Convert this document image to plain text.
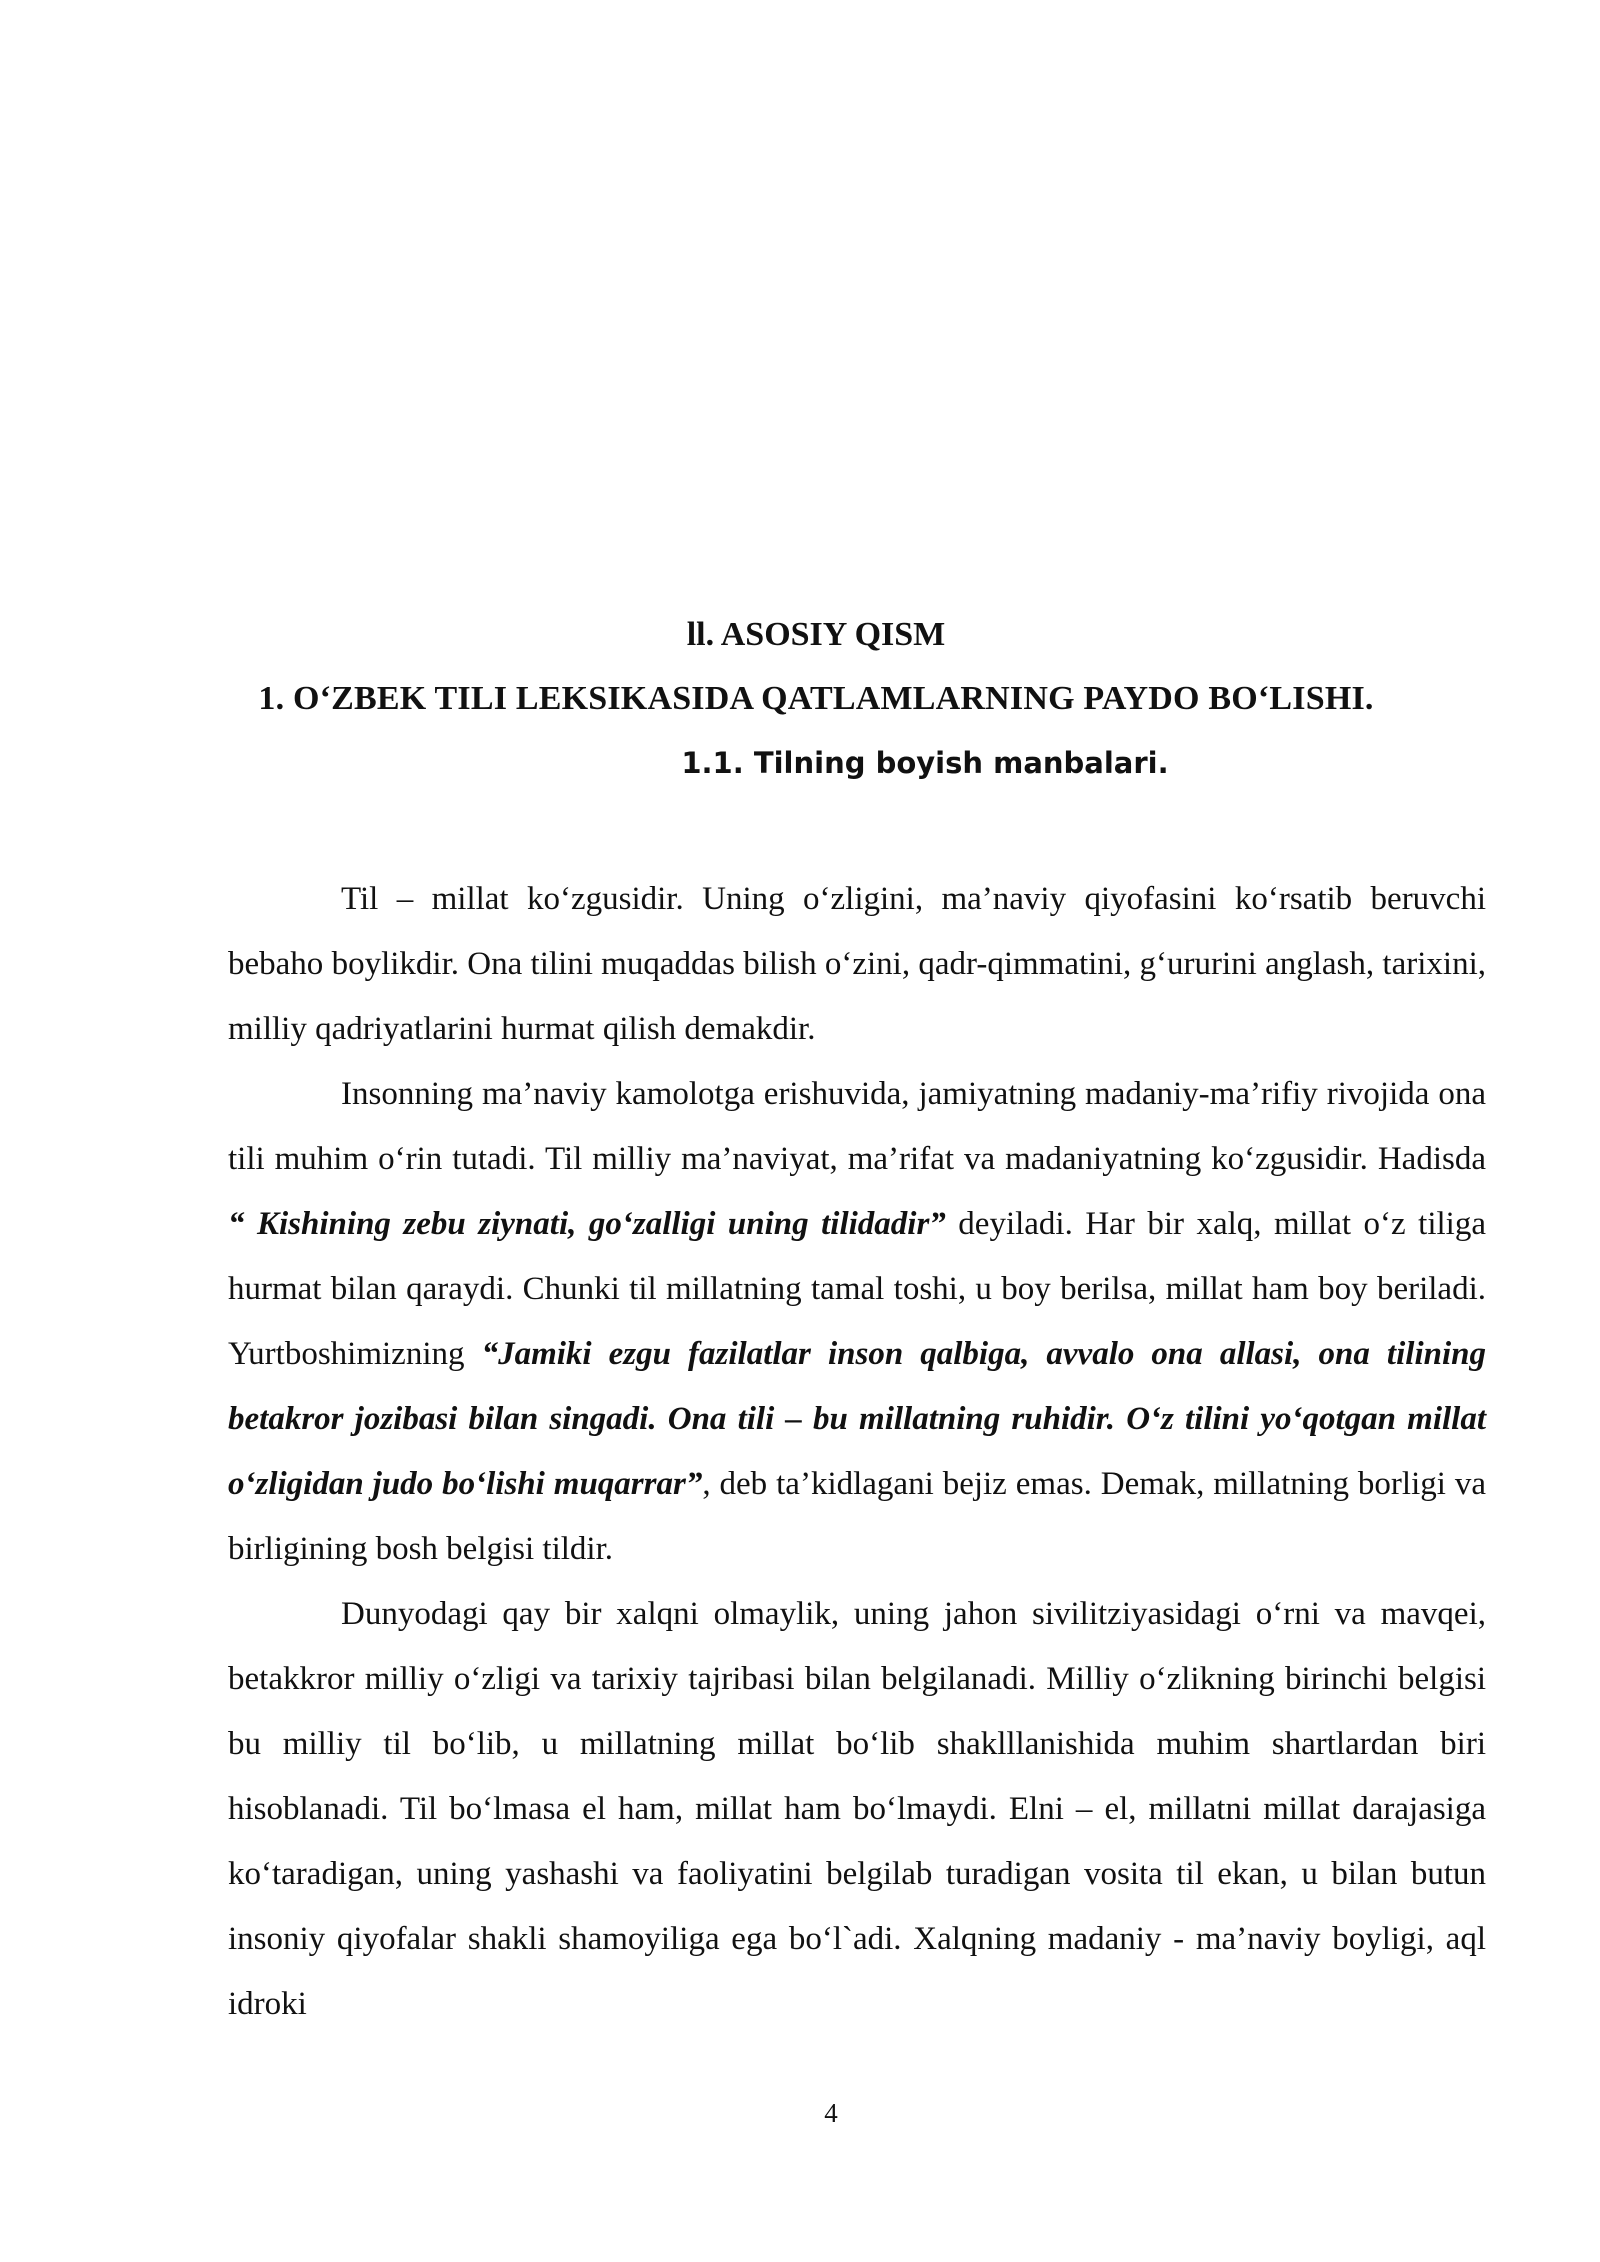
ll. ASOSIY QISM
1. O‘ZBEK TILI LEKSIKASIDA QATLAMLARNING PAYDO BO‘LISHI.
1.1. Tilning boyish manbalari.

Til – millat ko‘zgusidir. Uning o‘zligini, ma’naviy qiyofasini ko‘rsatib beruvchi bebaho boylikdir. Ona tilini muqaddas bilish o‘zini, qadr-qimmatini, g‘ururini anglash, tarixini, milliy qadriyatlarini hurmat qilish demakdir.

Insonning ma’naviy kamolotga erishuvida, jamiyatning madaniy-ma’rifiy rivojida ona tili muhim o‘rin tutadi. Til milliy ma’naviyat, ma’rifat va madaniyatning ko‘zgusidir. Hadisda “ Kishining zebu ziynati, go‘zalligi uning tilidadir” deyiladi. Har bir xalq, millat o‘z tiliga hurmat bilan qaraydi. Chunki til millatning tamal toshi, u boy berilsa, millat ham boy beriladi. Yurtboshimizning “Jamiki ezgu fazilatlar inson qalbiga, avvalo ona allasi, ona tilining betakror jozibasi bilan singadi. Ona tili – bu millatning ruhidir. O‘z tilini yo‘qotgan millat o‘zligidan judo bo‘lishi muqarrar”, deb ta’kidlagani bejiz emas. Demak, millatning borligi va birligining bosh belgisi tildir.

Dunyodagi qay bir xalqni olmaylik, uning jahon sivilitziyasidagi o‘rni va mavqei, betakkror milliy o‘zligi va tarixiy tajribasi bilan belgilanadi. Milliy o‘zlikning birinchi belgisi bu milliy til bo‘lib, u millatning millat bo‘lib shaklllanishida muhim shartlardan biri hisoblanadi. Til bo‘lmasa el ham, millat ham bo‘lmaydi. Elni – el, millatni millat darajasiga ko‘taradigan, uning yashashi va faoliyatini belgilab turadigan vosita til ekan, u bilan butun insoniy qiyofalar shakli shamoyiliga ega bo‘l`adi. Xalqning madaniy - ma’naviy boyligi, aql idroki

4
